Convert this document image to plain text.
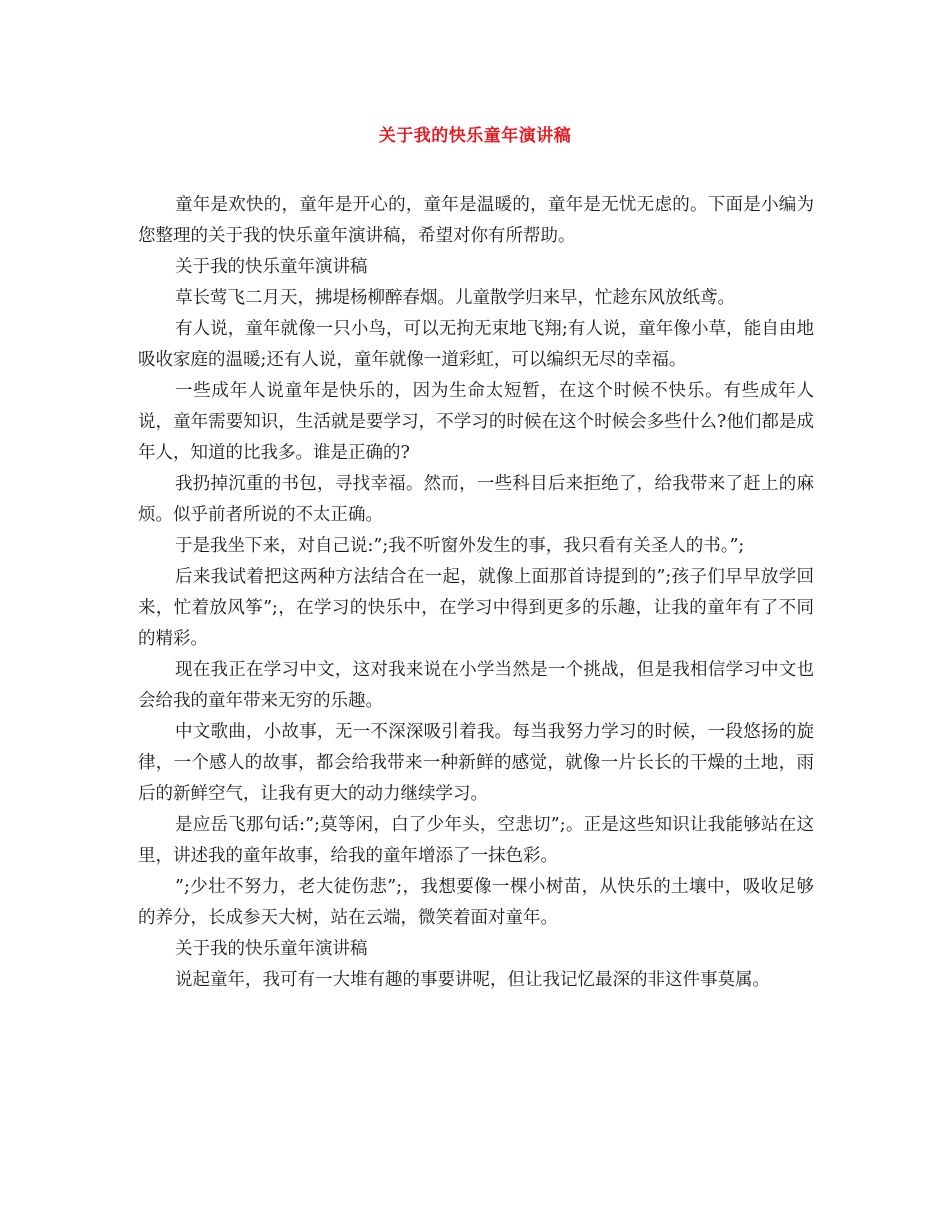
关于我的快乐童年演讲稿

童年是欢快的，童年是开心的，童年是温暖的，童年是无忧无虑的。下面是小编为您整理的关于我的快乐童年演讲稿，希望对你有所帮助。

关于我的快乐童年演讲稿

草长莺飞二月天，拂堤杨柳醉春烟。儿童散学归来早，忙趁东风放纸鸢。

有人说，童年就像一只小鸟，可以无拘无束地飞翔;有人说，童年像小草，能自由地吸收家庭的温暖;还有人说，童年就像一道彩虹，可以编织无尽的幸福。

一些成年人说童年是快乐的，因为生命太短暂，在这个时候不快乐。有些成年人说，童年需要知识，生活就是要学习，不学习的时候在这个时候会多些什么?他们都是成年人，知道的比我多。谁是正确的?

我扔掉沉重的书包，寻找幸福。然而，一些科目后来拒绝了，给我带来了赶上的麻烦。似乎前者所说的不太正确。

于是我坐下来，对自己说:”;我不听窗外发生的事，我只看有关圣人的书。”;

后来我试着把这两种方法结合在一起，就像上面那首诗提到的”;孩子们早早放学回来，忙着放风筝”;，在学习的快乐中，在学习中得到更多的乐趣，让我的童年有了不同的精彩。

现在我正在学习中文，这对我来说在小学当然是一个挑战，但是我相信学习中文也会给我的童年带来无穷的乐趣。

中文歌曲，小故事，无一不深深吸引着我。每当我努力学习的时候，一段悠扬的旋律，一个感人的故事，都会给我带来一种新鲜的感觉，就像一片长长的干燥的土地，雨后的新鲜空气，让我有更大的动力继续学习。

是应岳飞那句话:”;莫等闲，白了少年头，空悲切”;。正是这些知识让我能够站在这里，讲述我的童年故事，给我的童年增添了一抹色彩。

”;少壮不努力，老大徒伤悲”;，我想要像一棵小树苗，从快乐的土壤中，吸收足够的养分，长成参天大树，站在云端，微笑着面对童年。

关于我的快乐童年演讲稿

说起童年，我可有一大堆有趣的事要讲呢，但让我记忆最深的非这件事莫属。
